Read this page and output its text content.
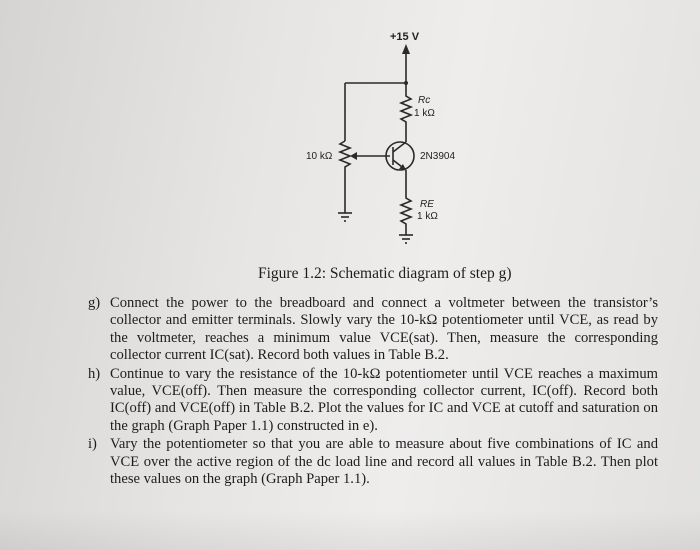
+15 V
Rc
1 kΩ
10 kΩ	2N3904
RE
1 kΩ
Figure 1.2: Schematic diagram of step g)
g) Connect the power to the breadboard and connect a voltmeter between the transistor’s collector and emitter terminals. Slowly vary the 10-kΩ potentiometer until VCE, as read by the voltmeter, reaches a minimum value VCE(sat). Then, measure the corresponding collector current IC(sat). Record both values in Table B.2.
h) Continue to vary the resistance of the 10-kΩ potentiometer until VCE reaches a maximum value, VCE(off). Then measure the corresponding collector current, IC(off). Record both IC(off) and VCE(off) in Table B.2. Plot the values for IC and VCE at cutoff and saturation on the graph (Graph Paper 1.1) constructed in e).
i) Vary the potentiometer so that you are able to measure about five combinations of IC and VCE over the active region of the dc load line and record all values in Table B.2. Then plot these values on the graph (Graph Paper 1.1).
